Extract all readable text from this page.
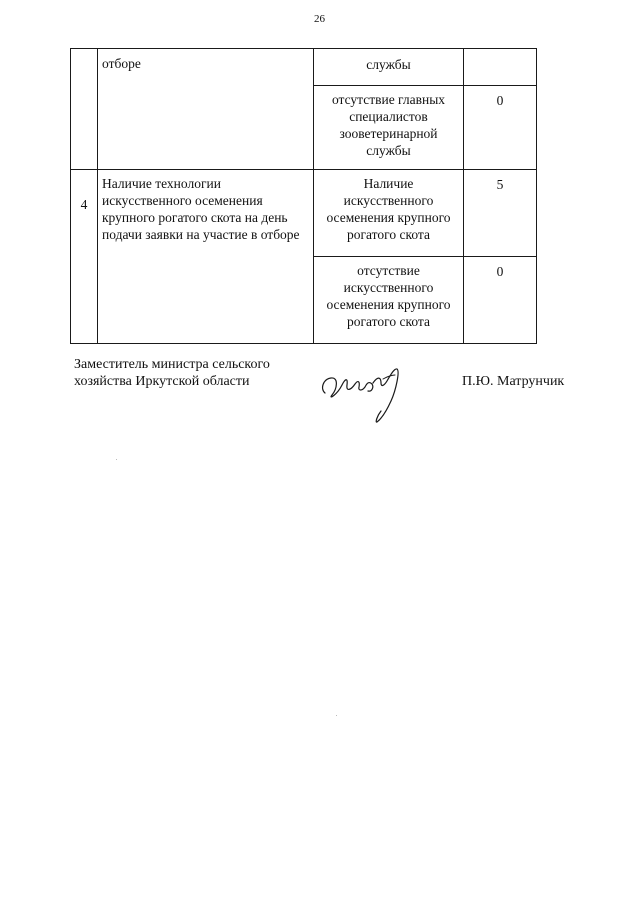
26
	отборе	службы	
		отсутствие главных специалистов зооветеринарной службы	0
4	Наличие технологии искусственного осеменения крупного рогатого скота на день подачи заявки на участие в отборе	Наличие искусственного осеменения крупного рогатого скота	5
		отсутствие искусственного осеменения крупного рогатого скота	0
Заместитель министра сельского хозяйства Иркутской области	П.Ю. Матрунчик
